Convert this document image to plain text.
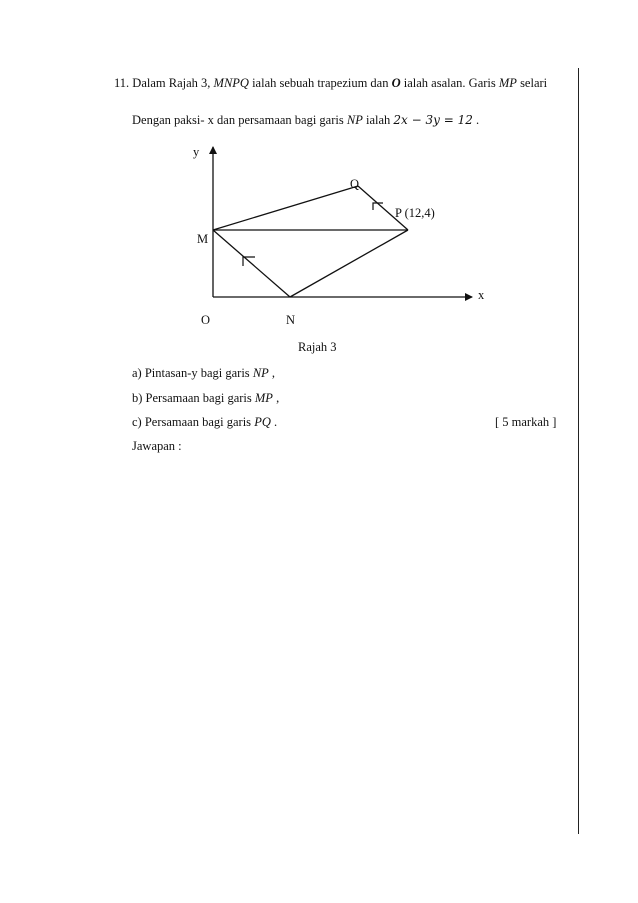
11. Dalam Rajah 3, MNPQ ialah sebuah trapezium dan O ialah asalan. Garis MP selari
Dengan paksi- x dan persamaan bagi garis NP ialah 2x − 3y = 12 .
y
x
O
M
N
P (12,4)
Q
Rajah 3
a) Pintasan-y bagi garis NP ,
b) Persamaan bagi garis MP ,
c) Persamaan bagi garis PQ .	[ 5 markah ]
Jawapan :
